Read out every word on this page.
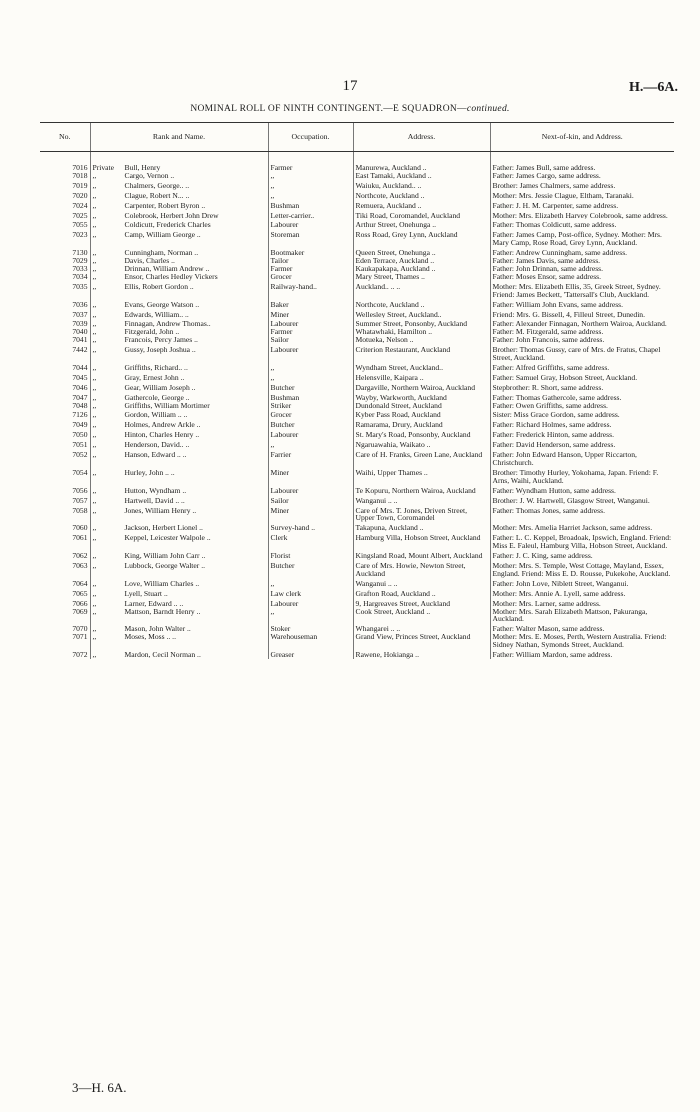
17	H.—6A.
NOMINAL ROLL OF NINTH CONTINGENT.—E SQUADRON—continued.
No.	Rank and Name.	Occupation.	Address.	Next-of-kin, and Address.
7016	Private Bull, Henry	Farmer	Manurewa, Auckland ..	Father: James Bull, same address.
7018	,, Cargo, Vernon ..	,,	East Tamaki, Auckland ..	Father: James Cargo, same address.
7019	,, Chalmers, George.. ..	,,	Waiuku, Auckland.. ..	Brother: James Chalmers, same address.
7020	,, Clague, Robert N... ..	,,	Northcote, Auckland ..	Mother: Mrs. Jessie Clague, Eltham, Taranaki.
7024	,, Carpenter, Robert Byron ..	Bushman	Remuera, Auckland ..	Father: J. H. M. Carpenter, same address.
7025	,, Colebrook, Herbert John Drew	Letter-carrier..	Tiki Road, Coromandel, Auckland	Mother: Mrs. Elizabeth Harvey Colebrook, same address.
7055	,, Coldicutt, Frederick Charles	Labourer	Arthur Street, Onehunga ..	Father: Thomas Coldicutt, same address.
7023	,, Camp, William George ..	Storeman	Ross Road, Grey Lynn, Auckland	Father: James Camp, Post-office, Sydney. Mother: Mrs. Mary Camp, Rose Road, Grey Lynn, Auckland.
7130	,, Cunningham, Norman ..	Bootmaker	Queen Street, Onehunga ..	Father: Andrew Cunningham, same address.
7029	,, Davis, Charles ..	Tailor	Eden Terrace, Auckland ..	Father: James Davis, same address.
7033	,, Drinnan, William Andrew ..	Farmer	Kaukapakapa, Auckland ..	Father: John Drinnan, same address.
7034	,, Ensor, Charles Hedley Vickers	Grocer	Mary Street, Thames ..	Father: Moses Ensor, same address.
7035	,, Ellis, Robert Gordon ..	Railway-hand..	Auckland.. .. ..	Mother: Mrs. Elizabeth Ellis, 35, Greek Street, Sydney. Friend: James Beckett, 'Tattersall's Club, Auckland.
7036	,, Evans, George Watson ..	Baker	Northcote, Auckland ..	Father: William John Evans, same address.
7037	,, Edwards, William.. ..	Miner	Wellesley Street, Auckland..	Friend: Mrs. G. Bissell, 4, Filleul Street, Dunedin.
7039	,, Finnagan, Andrew Thomas..	Labourer	Summer Street, Ponsonby, Auckland	Father: Alexander Finnagan, Northern Wairoa, Auckland.
7040	,, Fitzgerald, John ..	Farmer	Whatawhaki, Hamilton ..	Father: M. Fitzgerald, same address.
7041	,, Francois, Percy James ..	Sailor	Motueka, Nelson ..	Father: John Francois, same address.
7442	,, Gussy, Joseph Joshua ..	Labourer	Criterion Restaurant, Auckland	Brother: Thomas Gussy, care of Mrs. de Fratus, Chapel Street, Auckland.
7044	,, Griffiths, Richard.. ..	,,	Wyndham Street, Auckland..	Father: Alfred Griffiths, same address.
7045	,, Gray, Ernest John ..	,,	Helensville, Kaipara ..	Father: Samuel Gray, Hobson Street, Auckland.
7046	,, Gear, William Joseph ..	Butcher	Dargaville, Northern Wairoa, Auckland	Stepbrother: R. Short, same address.
7047	,, Gathercole, George ..	Bushman	Wayby, Warkworth, Auckland	Father: Thomas Gathercole, same address.
7048	,, Griffiths, William Mortimer	Striker	Dundonald Street, Auckland	Father: Owen Griffiths, same address.
7126	,, Gordon, William .. ..	Grocer	Kyber Pass Road, Auckland	Sister: Miss Grace Gordon, same address.
7049	,, Holmes, Andrew Arkle ..	Butcher	Ramarama, Drury, Auckland	Father: Richard Holmes, same address.
7050	,, Hinton, Charles Henry ..	Labourer	St. Mary's Road, Ponsonby, Auckland	Father: Frederick Hinton, same address.
7051	,, Henderson, David.. ..	,,	Ngaruawahia, Waikato ..	Father: David Henderson, same address.
7052	,, Hanson, Edward .. ..	Farrier	Care of H. Franks, Green Lane, Auckland	Father: John Edward Hanson, Upper Riccarton, Christchurch.
7054	,, Hurley, John .. ..	Miner	Waihi, Upper Thames ..	Brother: Timothy Hurley, Yokohama, Japan. Friend: F. Arns, Waihi, Auckland.
7056	,, Hutton, Wyndham ..	Labourer	Te Kopuru, Northern Wairoa, Auckland	Father: Wyndham Hutton, same address.
7057	,, Hartwell, David .. ..	Sailor	Wanganui .. ..	Brother: J. W. Hartwell, Glasgow Street, Wanganui.
7058	,, Jones, William Henry ..	Miner	Care of Mrs. T. Jones, Driven Street, Upper Town, Coromandel	Father: Thomas Jones, same address.
7060	,, Jackson, Herbert Lionel ..	Survey-hand ..	Takapuna, Auckland ..	Mother: Mrs. Amelia Harriet Jackson, same address.
7061	,, Keppel, Leicester Walpole ..	Clerk	Hamburg Villa, Hobson Street, Auckland	Father: L. C. Keppel, Broadoak, Ipswich, England. Friend: Miss E. Faleul, Hamburg Villa, Hobson Street, Auckland.
7062	,, King, William John Carr ..	Florist	Kingsland Road, Mount Albert, Auckland	Father: J. C. King, same address.
7063	,, Lubbock, George Walter ..	Butcher	Care of Mrs. Howie, Newton Street, Auckland	Mother: Mrs. S. Temple, West Cottage, Mayland, Essex, England. Friend: Miss E. D. Rousse, Pukekohe, Auckland.
7064	,, Love, William Charles ..	,,	Wanganui .. ..	Father: John Love, Niblett Street, Wanganui.
7065	,, Lyell, Stuart ..	Law clerk	Grafton Road, Auckland ..	Mother: Mrs. Annie A. Lyell, same address.
7066	,, Larner, Edward .. ..	Labourer	9, Hargreaves Street, Auckland	Mother: Mrs. Larner, same address.
7069	,, Mattson, Barndt Henry ..	,,	Cook Street, Auckland ..	Mother: Mrs. Sarah Elizabeth Mattson, Pakuranga, Auckland.
7070	,, Mason, John Walter ..	Stoker	Whangarei .. ..	Father: Walter Mason, same address.
7071	,, Moses, Moss .. ..	Warehouseman	Grand View, Princes Street, Auckland	Mother: Mrs. E. Moses, Perth, Western Australia. Friend: Sidney Nathan, Symonds Street, Auckland.
7072	,, Mardon, Cecil Norman ..	Greaser	Rawene, Hokianga ..	Father: William Mardon, same address.
3—H. 6A.
